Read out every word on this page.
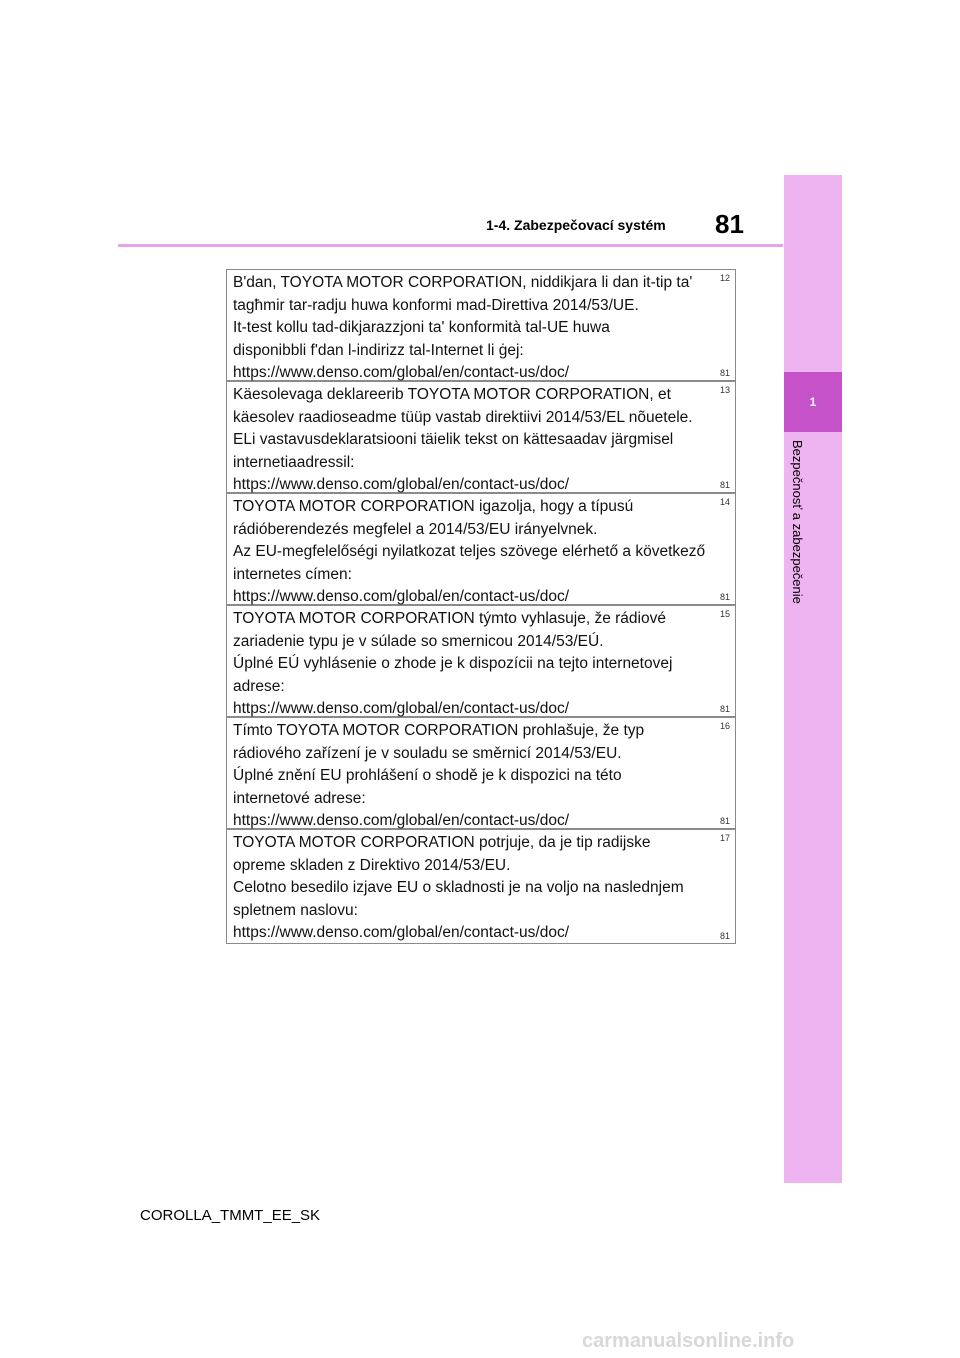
1
Bezpečnosť a zabezpečenie
1-4. Zabezpečovací systém 81
B'dan, TOYOTA MOTOR CORPORATION, niddikjara li dan it-tip ta'
tagħmir tar-radju huwa konformi mad-Direttiva 2014/53/UE.
It-test kollu tad-dikjarazzjoni ta' konformità tal-UE huwa
disponibbli f'dan l-indirizz tal-Internet li ġej:
https://www.denso.com/global/en/contact-us/doc/
12
81
Käesolevaga deklareerib TOYOTA MOTOR CORPORATION, et
käesolev raadioseadme tüüp vastab direktiivi 2014/53/EL nõuetele.
ELi vastavusdeklaratsiooni täielik tekst on kättesaadav järgmisel
internetiaadressil:
https://www.denso.com/global/en/contact-us/doc/
13
81
TOYOTA MOTOR CORPORATION igazolja, hogy a típusú
rádióberendezés megfelel a 2014/53/EU irányelvnek.
Az EU-megfelelőségi nyilatkozat teljes szövege elérhető a következő
internetes címen:
https://www.denso.com/global/en/contact-us/doc/
14
81
TOYOTA MOTOR CORPORATION týmto vyhlasuje, že rádiové
zariadenie typu je v súlade so smernicou 2014/53/EÚ.
Úplné EÚ vyhlásenie o zhode je k dispozícii na tejto internetovej
adrese:
https://www.denso.com/global/en/contact-us/doc/
15
81
Tímto TOYOTA MOTOR CORPORATION prohlašuje, že typ
rádiového zařízení je v souladu se směrnicí 2014/53/EU.
Úplné znění EU prohlášení o shodě je k dispozici na této
internetové adrese:
https://www.denso.com/global/en/contact-us/doc/
16
81
TOYOTA MOTOR CORPORATION potrjuje, da je tip radijske
opreme skladen z Direktivo 2014/53/EU.
Celotno besedilo izjave EU o skladnosti je na voljo na naslednjem
spletnem naslovu:
https://www.denso.com/global/en/contact-us/doc/
17
81
COROLLA_TMMT_EE_SK
carmanualsonline.info
